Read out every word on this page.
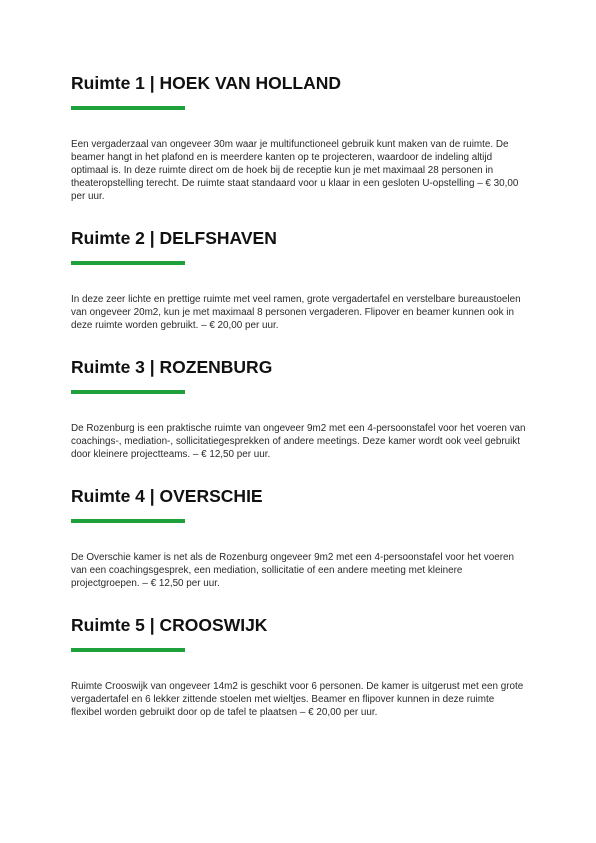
Ruimte 1 | HOEK VAN HOLLAND

Een vergaderzaal van ongeveer 30m waar je multifunctioneel gebruik kunt maken van de ruimte. De beamer hangt in het plafond en is meerdere kanten op te projecteren, waardoor de indeling altijd optimaal is. In deze ruimte direct om de hoek bij de receptie kun je met maximaal 28 personen in theateropstelling terecht. De ruimte staat standaard voor u klaar in een gesloten U-opstelling – € 30,00 per uur.

Ruimte 2 | DELFSHAVEN

In deze zeer lichte en prettige ruimte met veel ramen, grote vergadertafel en verstelbare bureaustoelen van ongeveer 20m2, kun je met maximaal 8 personen vergaderen. Flipover en beamer kunnen ook in deze ruimte worden gebruikt. – € 20,00 per uur.

Ruimte 3 | ROZENBURG

De Rozenburg is een praktische ruimte van ongeveer 9m2 met een 4-persoonstafel voor het voeren van coachings-, mediation-, sollicitatiegesprekken of andere meetings. Deze kamer wordt ook veel gebruikt door kleinere projectteams. – € 12,50 per uur.

Ruimte 4 | OVERSCHIE

De Overschie kamer is net als de Rozenburg ongeveer 9m2 met een 4-persoonstafel voor het voeren van een coachingsgesprek, een mediation, sollicitatie of een andere meeting met kleinere projectgroepen. – € 12,50 per uur.

Ruimte 5 | CROOSWIJK

Ruimte Crooswijk van ongeveer 14m2 is geschikt voor 6 personen. De kamer is uitgerust met een grote vergadertafel en 6 lekker zittende stoelen met wieltjes. Beamer en flipover kunnen in deze ruimte flexibel worden gebruikt door op de tafel te plaatsen – € 20,00 per uur.
